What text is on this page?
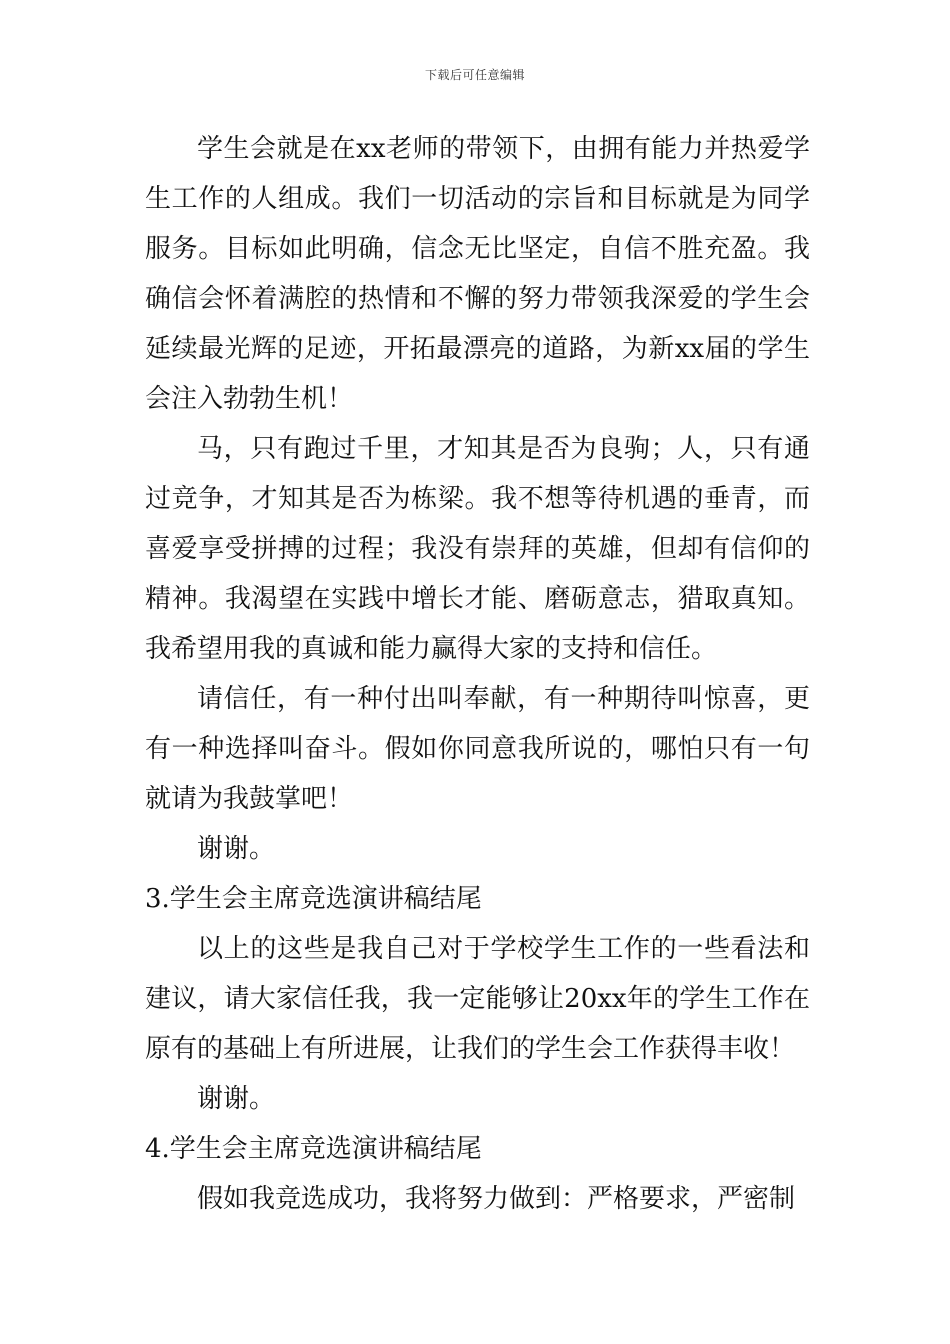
下载后可任意编辑

学生会就是在xx老师的带领下，由拥有能力并热爱学生工作的人组成。我们一切活动的宗旨和目标就是为同学服务。目标如此明确，信念无比坚定，自信不胜充盈。我确信会怀着满腔的热情和不懈的努力带领我深爱的学生会延续最光辉的足迹，开拓最漂亮的道路，为新xx届的学生会注入勃勃生机！

马，只有跑过千里，才知其是否为良驹；人，只有通过竞争，才知其是否为栋梁。我不想等待机遇的垂青，而喜爱享受拼搏的过程；我没有崇拜的英雄，但却有信仰的精神。我渴望在实践中增长才能、磨砺意志，猎取真知。我希望用我的真诚和能力赢得大家的支持和信任。

请信任，有一种付出叫奉献，有一种期待叫惊喜，更有一种选择叫奋斗。假如你同意我所说的，哪怕只有一句就请为我鼓掌吧！

谢谢。

3.学生会主席竞选演讲稿结尾

以上的这些是我自己对于学校学生工作的一些看法和建议，请大家信任我，我一定能够让20xx年的学生工作在原有的基础上有所进展，让我们的学生会工作获得丰收！

谢谢。

4.学生会主席竞选演讲稿结尾

假如我竞选成功，我将努力做到：严格要求，严密制
